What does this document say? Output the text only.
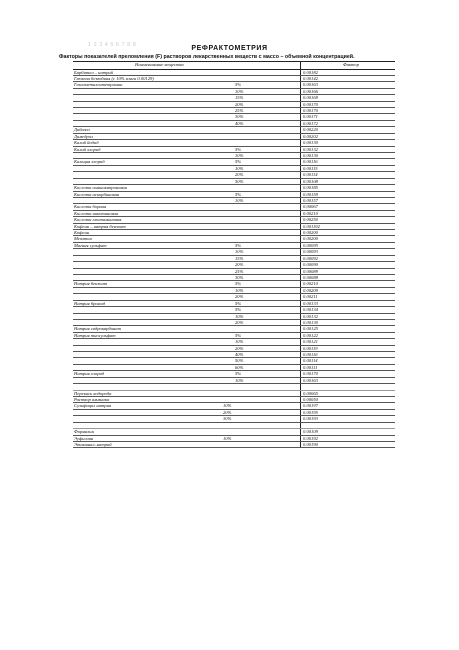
1 2 3 4 5 6 7 8 9	РЕФРАКТОМЕТРИЯ
Факторы показателей преломления (F) растворов лекарственных веществ с массо – объемной концентрацией.
Наименование вещества	Фактор
Барбитал – натрий	0.00182
Глюкоза безводная (с 10% влаги 0.00129)	0.00142
Гексаметилентетрамин	5%	0.00163
10%	0.00166
15%	0.00169
20%	0.00170
25%	0.00170
30%	0.00171
40%	0.00172
Дибазол	0.00220
Димедрол	0.00202
Калий йодид	0.00130
Калий хлорид	5%	0.00132
10%	0.00130
Кальция хлорид	5%	0.00116
10%	0.00115
20%	0.00114
50%	0.00108
Кислота аминокапроновая	0.00185
Кислота аскорбиновая	5%	0.00159
10%	0.00157
Кислота борная	0.00067
Кислота никотиновая	0.00210
Кислота глютаминовая	0.00250
Кофеин – натрия бензоат	0.001192
Кофеин	0.00200
Мезатон	0.00200
Магния сульфат	5%	0.00095
10%	0.00093
15%	0.00092
20%	0.00090
25%	0.00089
30%	0.00088
Натрия бензоат	5%	0.00210
10%	0.00209
20%	0.00211
Натрия бромид	5%	0.00133
5%	0.00134
10%	0.00132
20%	0.00130
Натрия гидрокарбонат	0.00125
Натрия тиосульфат	5%	0.00122
10%	0.00121
20%	0.00119
40%	0.00116
50%	0.00114
60%	0.00111
Натрия хлорид	5%	0.00170
10%	0.00163
Перекись водорода	0.00065
Раствор аммиака	0.00050
Сульфацил натрия	10%	0.00197
20%	0.00195
30%	0.00193
Формалин	0.00109
Эуфиллин	10%	0.00192
Этаминал–натрий	0.00190
